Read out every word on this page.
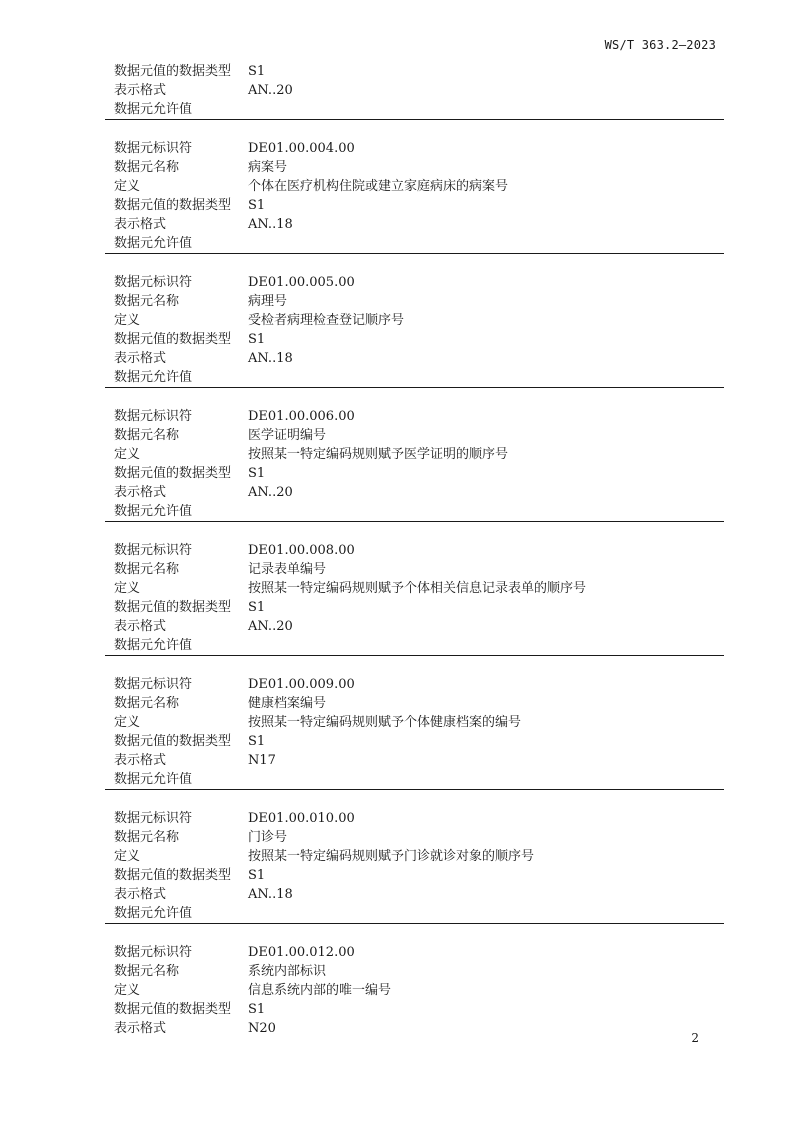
WS/T 363.2—2023
数据元值的数据类型	S1
表示格式	AN..20
数据元允许值
数据元标识符	DE01.00.004.00
数据元名称	病案号
定义	个体在医疗机构住院或建立家庭病床的病案号
数据元值的数据类型	S1
表示格式	AN..18
数据元允许值
数据元标识符	DE01.00.005.00
数据元名称	病理号
定义	受检者病理检查登记顺序号
数据元值的数据类型	S1
表示格式	AN..18
数据元允许值
数据元标识符	DE01.00.006.00
数据元名称	医学证明编号
定义	按照某一特定编码规则赋予医学证明的顺序号
数据元值的数据类型	S1
表示格式	AN..20
数据元允许值
数据元标识符	DE01.00.008.00
数据元名称	记录表单编号
定义	按照某一特定编码规则赋予个体相关信息记录表单的顺序号
数据元值的数据类型	S1
表示格式	AN..20
数据元允许值
数据元标识符	DE01.00.009.00
数据元名称	健康档案编号
定义	按照某一特定编码规则赋予个体健康档案的编号
数据元值的数据类型	S1
表示格式	N17
数据元允许值
数据元标识符	DE01.00.010.00
数据元名称	门诊号
定义	按照某一特定编码规则赋予门诊就诊对象的顺序号
数据元值的数据类型	S1
表示格式	AN..18
数据元允许值
数据元标识符	DE01.00.012.00
数据元名称	系统内部标识
定义	信息系统内部的唯一编号
数据元值的数据类型	S1
表示格式	N20
2
